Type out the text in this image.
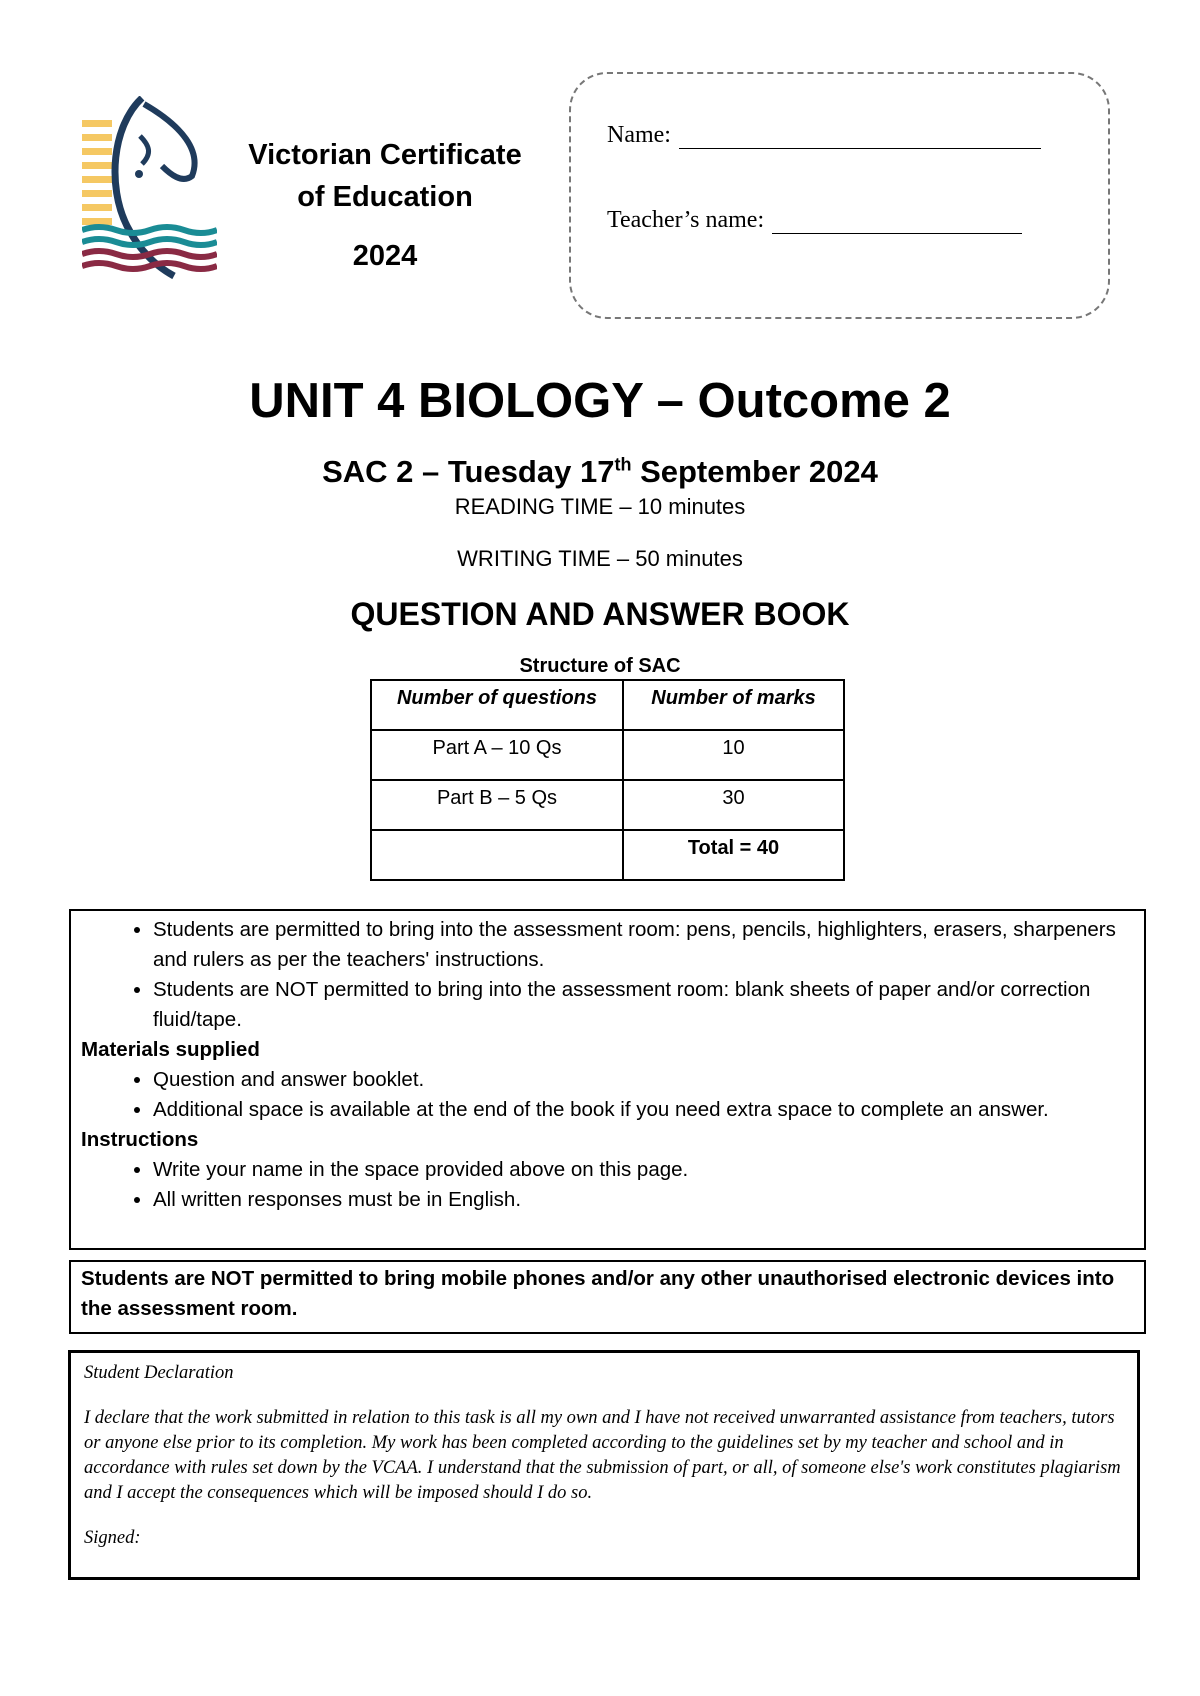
Victorian Certificate
of Education
2024
Name:
Teacher’s name:
UNIT 4 BIOLOGY – Outcome 2
SAC 2 – Tuesday 17th September 2024
READING TIME – 10 minutes
WRITING TIME – 50 minutes
QUESTION AND ANSWER BOOK
Structure of SAC
Number of questions	Number of marks
Part A – 10 Qs	10
Part B – 5 Qs	30
	Total = 40
• Students are permitted to bring into the assessment room: pens, pencils, highlighters, erasers, sharpeners and rulers as per the teachers' instructions.
• Students are NOT permitted to bring into the assessment room: blank sheets of paper and/or correction fluid/tape.
Materials supplied
• Question and answer booklet.
• Additional space is available at the end of the book if you need extra space to complete an answer.
Instructions
• Write your name in the space provided above on this page.
• All written responses must be in English.
Students are NOT permitted to bring mobile phones and/or any other unauthorised electronic devices into the assessment room.

Student Declaration

I declare that the work submitted in relation to this task is all my own and I have not received unwarranted assistance from teachers, tutors or anyone else prior to its completion. My work has been completed according to the guidelines set by my teacher and school and in accordance with rules set down by the VCAA. I understand that the submission of part, or all, of someone else's work constitutes plagiarism and I accept the consequences which will be imposed should I do so.

Signed:
